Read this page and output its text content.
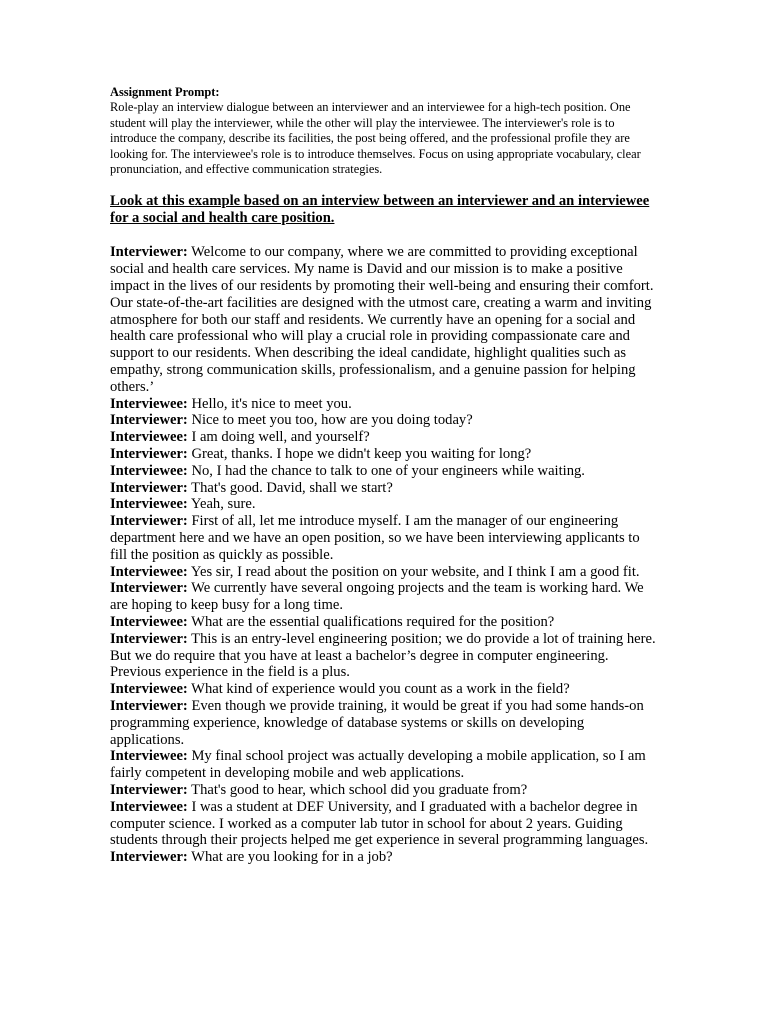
Assignment Prompt:
Role-play an interview dialogue between an interviewer and an interviewee for a high-tech position. One student will play the interviewer, while the other will play the interviewee. The interviewer's role is to introduce the company, describe its facilities, the post being offered, and the professional profile they are looking for. The interviewee's role is to introduce themselves. Focus on using appropriate vocabulary, clear pronunciation, and effective communication strategies.
Look at this example based on an interview between an interviewer and an interviewee for a social and health care position.
Interviewer: Welcome to our company, where we are committed to providing exceptional social and health care services. My name is David and our mission is to make a positive impact in the lives of our residents by promoting their well-being and ensuring their comfort. Our state-of-the-art facilities are designed with the utmost care, creating a warm and inviting atmosphere for both our staff and residents. We currently have an opening for a social and health care professional who will play a crucial role in providing compassionate care and support to our residents. When describing the ideal candidate, highlight qualities such as empathy, strong communication skills, professionalism, and a genuine passion for helping others.’
Interviewee: Hello, it's nice to meet you.
Interviewer: Nice to meet you too, how are you doing today?
Interviewee: I am doing well, and yourself?
Interviewer: Great, thanks. I hope we didn't keep you waiting for long?
Interviewee: No, I had the chance to talk to one of your engineers while waiting.
Interviewer: That's good. David, shall we start?
Interviewee: Yeah, sure.
Interviewer: First of all, let me introduce myself. I am the manager of our engineering department here and we have an open position, so we have been interviewing applicants to fill the position as quickly as possible.
Interviewee: Yes sir, I read about the position on your website, and I think I am a good fit.
Interviewer: We currently have several ongoing projects and the team is working hard. We are hoping to keep busy for a long time.
Interviewee: What are the essential qualifications required for the position?
Interviewer: This is an entry-level engineering position; we do provide a lot of training here. But we do require that you have at least a bachelor’s degree in computer engineering. Previous experience in the field is a plus.
Interviewee: What kind of experience would you count as a work in the field?
Interviewer: Even though we provide training, it would be great if you had some hands-on programming experience, knowledge of database systems or skills on developing applications.
Interviewee: My final school project was actually developing a mobile application, so I am fairly competent in developing mobile and web applications.
Interviewer: That's good to hear, which school did you graduate from?
Interviewee: I was a student at DEF University, and I graduated with a bachelor degree in computer science. I worked as a computer lab tutor in school for about 2 years. Guiding students through their projects helped me get experience in several programming languages.
Interviewer: What are you looking for in a job?
